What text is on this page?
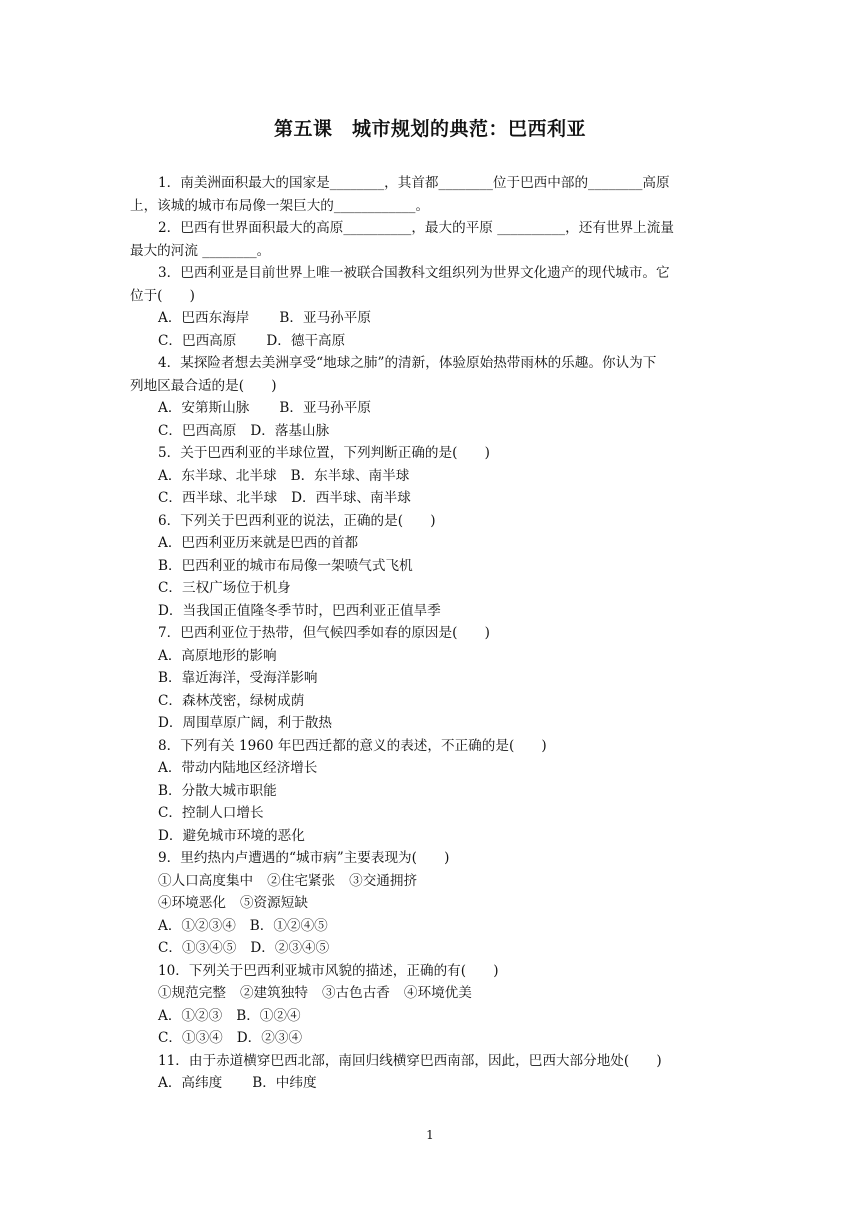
第五课　城市规划的典范：巴西利亚

1．南美洲面积最大的国家是________，其首都________位于巴西中部的________高原

上，该城的城市布局像一架巨大的____________。

2．巴西有世界面积最大的高原__________，最大的平原 __________，还有世界上流量

最大的河流 ________。

3．巴西利亚是目前世界上唯一被联合国教科文组织列为世界文化遗产的现代城市。它

位于(　　)

A．巴西东海岸 B．亚马孙平原

C．巴西高原 D．德干高原

4．某探险者想去美洲享受“地球之肺”的清新，体验原始热带雨林的乐趣。你认为下

列地区最合适的是(　　)

A．安第斯山脉 B．亚马孙平原

C．巴西高原 D．落基山脉

5．关于巴西利亚的半球位置，下列判断正确的是(　　)

A．东半球、北半球 B．东半球、南半球

C．西半球、北半球 D．西半球、南半球

6．下列关于巴西利亚的说法，正确的是(　　)

A．巴西利亚历来就是巴西的首都

B．巴西利亚的城市布局像一架喷气式飞机

C．三权广场位于机身

D．当我国正值隆冬季节时，巴西利亚正值旱季

7．巴西利亚位于热带，但气候四季如春的原因是(　　)

A．高原地形的影响

B．靠近海洋，受海洋影响

C．森林茂密，绿树成荫

D．周围草原广阔，利于散热

8．下列有关 1960 年巴西迁都的意义的表述，不正确的是(　　)

A．带动内陆地区经济增长

B．分散大城市职能

C．控制人口增长

D．避免城市环境的恶化

9．里约热内卢遭遇的“城市病”主要表现为(　　)

①人口高度集中 ②住宅紧张 ③交通拥挤

④环境恶化 ⑤资源短缺

A．①②③④ B．①②④⑤

C．①③④⑤ D．②③④⑤

10．下列关于巴西利亚城市风貌的描述，正确的有(　　)

①规范完整 ②建筑独特 ③古色古香 ④环境优美

A．①②③ B．①②④

C．①③④ D．②③④

11．由于赤道横穿巴西北部，南回归线横穿巴西南部，因此，巴西大部分地处(　　)

A．高纬度 B．中纬度

1
